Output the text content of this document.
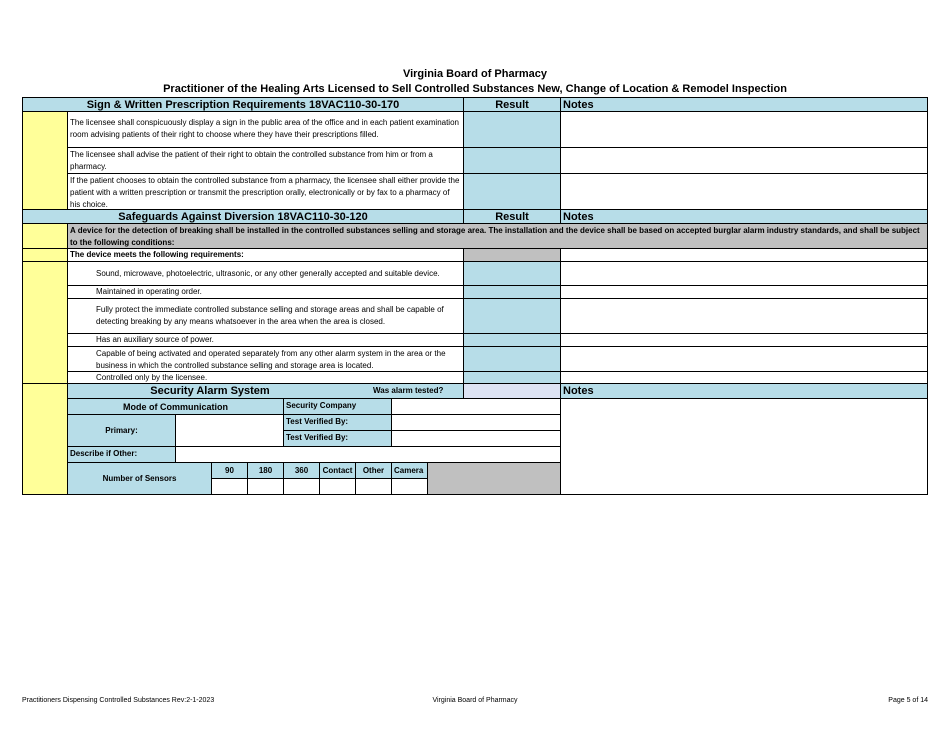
Virginia Board of Pharmacy
Practitioner of the Healing Arts Licensed to Sell Controlled Substances New, Change of Location & Remodel Inspection
Sign & Written Prescription Requirements 18VAC110-30-170	Result	Notes
The licensee shall conspicuously display a sign in the public area of the office and in each patient examination room advising patients of their right to choose where they have their prescriptions filled.
The licensee shall advise the patient of their right to obtain the controlled substance from him or from a pharmacy.
If the patient chooses to obtain the controlled substance from a pharmacy, the licensee shall either provide the patient with a written prescription or transmit the prescription orally, electronically or by fax to a pharmacy of his choice.
Safeguards Against Diversion 18VAC110-30-120	Result	Notes
A device for the detection of breaking shall be installed in the controlled substances selling and storage area. The installation and the device shall be based on accepted burglar alarm industry standards, and shall be subject to the following conditions:
The device meets the following requirements:
Sound, microwave, photoelectric, ultrasonic, or any other generally accepted and suitable device.
Maintained in operating order.
Fully protect the immediate controlled substance selling and storage areas and shall be capable of detecting breaking by any means whatsoever in the area when the area is closed.
Has an auxiliary source of power.
Capable of being activated and operated separately from any other alarm system in the area or the business in which the controlled substance selling and storage area is located.
Controlled only by the licensee.
Security Alarm System	Was alarm tested?	Notes
Mode of Communication	Security Company
Primary:
Test Verified By:
Test Verified By:
Describe if Other:
Number of Sensors
90	180	360	Contact	Other	Camera
Practitioners Dispensing Controlled Substances Rev:2-1-2023	Virginia Board of Pharmacy	Page 5 of 14
